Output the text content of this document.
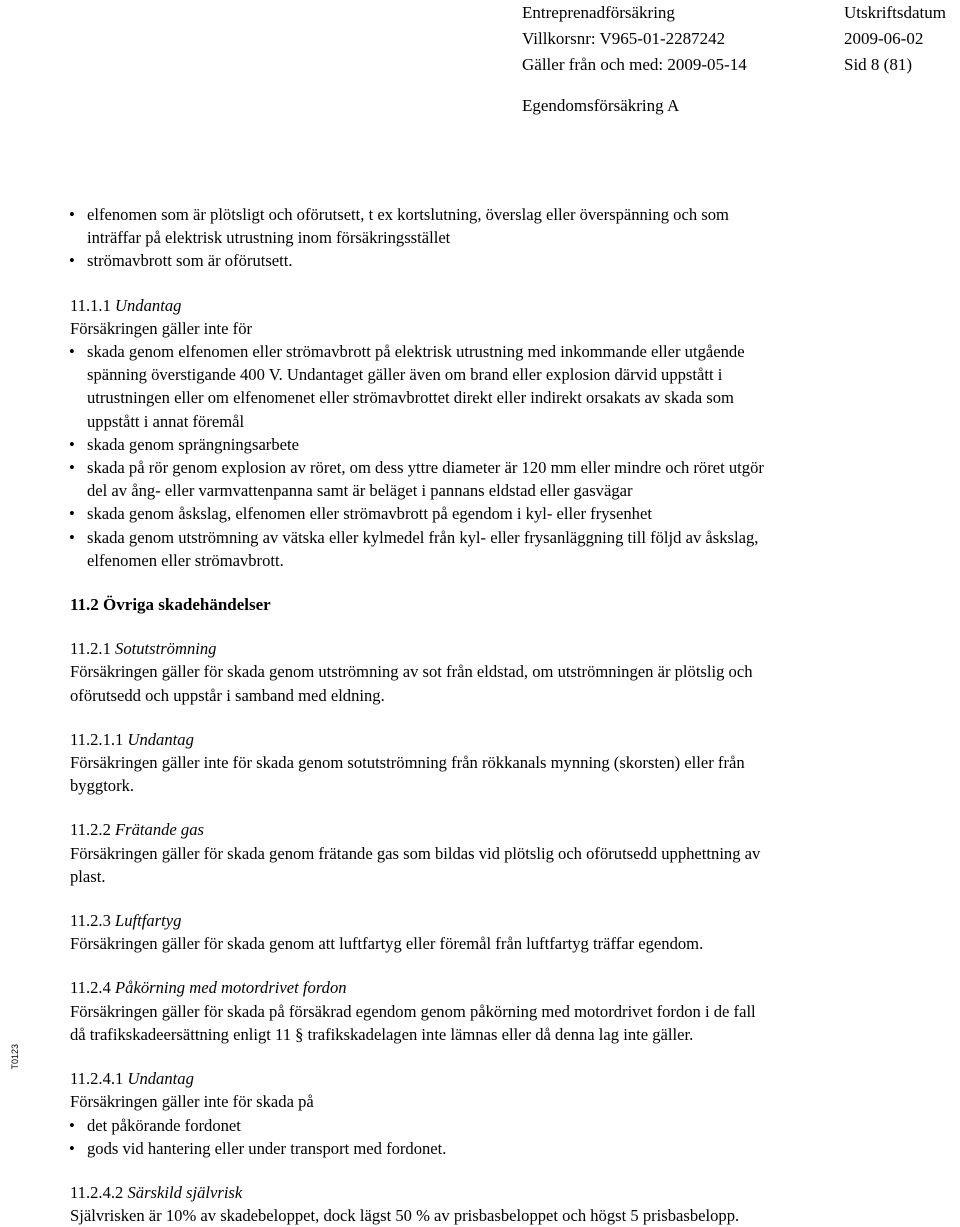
Entreprenadförsäkring	Utskriftsdatum
Villkorsnr: V965-01-2287242	2009-06-02
Gäller från och med: 2009-05-14	Sid 8 (81)
Egendomsförsäkring A
• elfenomen som är plötsligt och oförutsett, t ex kortslutning, överslag eller överspänning och som
inträffar på elektrisk utrustning inom försäkringsstället
• strömavbrott som är oförutsett.
11.1.1 Undantag
Försäkringen gäller inte för
• skada genom elfenomen eller strömavbrott på elektrisk utrustning med inkommande eller utgående
spänning överstigande 400 V. Undantaget gäller även om brand eller explosion därvid uppstått i
utrustningen eller om elfenomenet eller strömavbrottet direkt eller indirekt orsakats av skada som
uppstått i annat föremål
• skada genom sprängningsarbete
• skada på rör genom explosion av röret, om dess yttre diameter är 120 mm eller mindre och röret utgör
del av ång- eller varmvattenpanna samt är beläget i pannans eldstad eller gasvägar
• skada genom åskslag, elfenomen eller strömavbrott på egendom i kyl- eller frysenhet
• skada genom utströmning av vätska eller kylmedel från kyl- eller frysanläggning till följd av åskslag,
elfenomen eller strömavbrott.
11.2 Övriga skadehändelser
11.2.1 Sotutströmning
Försäkringen gäller för skada genom utströmning av sot från eldstad, om utströmningen är plötslig och
oförutsedd och uppstår i samband med eldning.
11.2.1.1 Undantag
Försäkringen gäller inte för skada genom sotutströmning från rökkanals mynning (skorsten) eller från
byggtork.
11.2.2 Frätande gas
Försäkringen gäller för skada genom frätande gas som bildas vid plötslig och oförutsedd upphettning av
plast.
11.2.3 Luftfartyg
Försäkringen gäller för skada genom att luftfartyg eller föremål från luftfartyg träffar egendom.
11.2.4 Påkörning med motordrivet fordon
Försäkringen gäller för skada på försäkrad egendom genom påkörning med motordrivet fordon i de fall
då trafikskadeersättning enligt 11 § trafikskadelagen inte lämnas eller då denna lag inte gäller.
11.2.4.1 Undantag
Försäkringen gäller inte för skada på
• det påkörande fordonet
• gods vid hantering eller under transport med fordonet.
11.2.4.2 Särskild självrisk
Självrisken är 10% av skadebeloppet, dock lägst 50 % av prisbasbeloppet och högst 5 prisbasbelopp.
T0123
